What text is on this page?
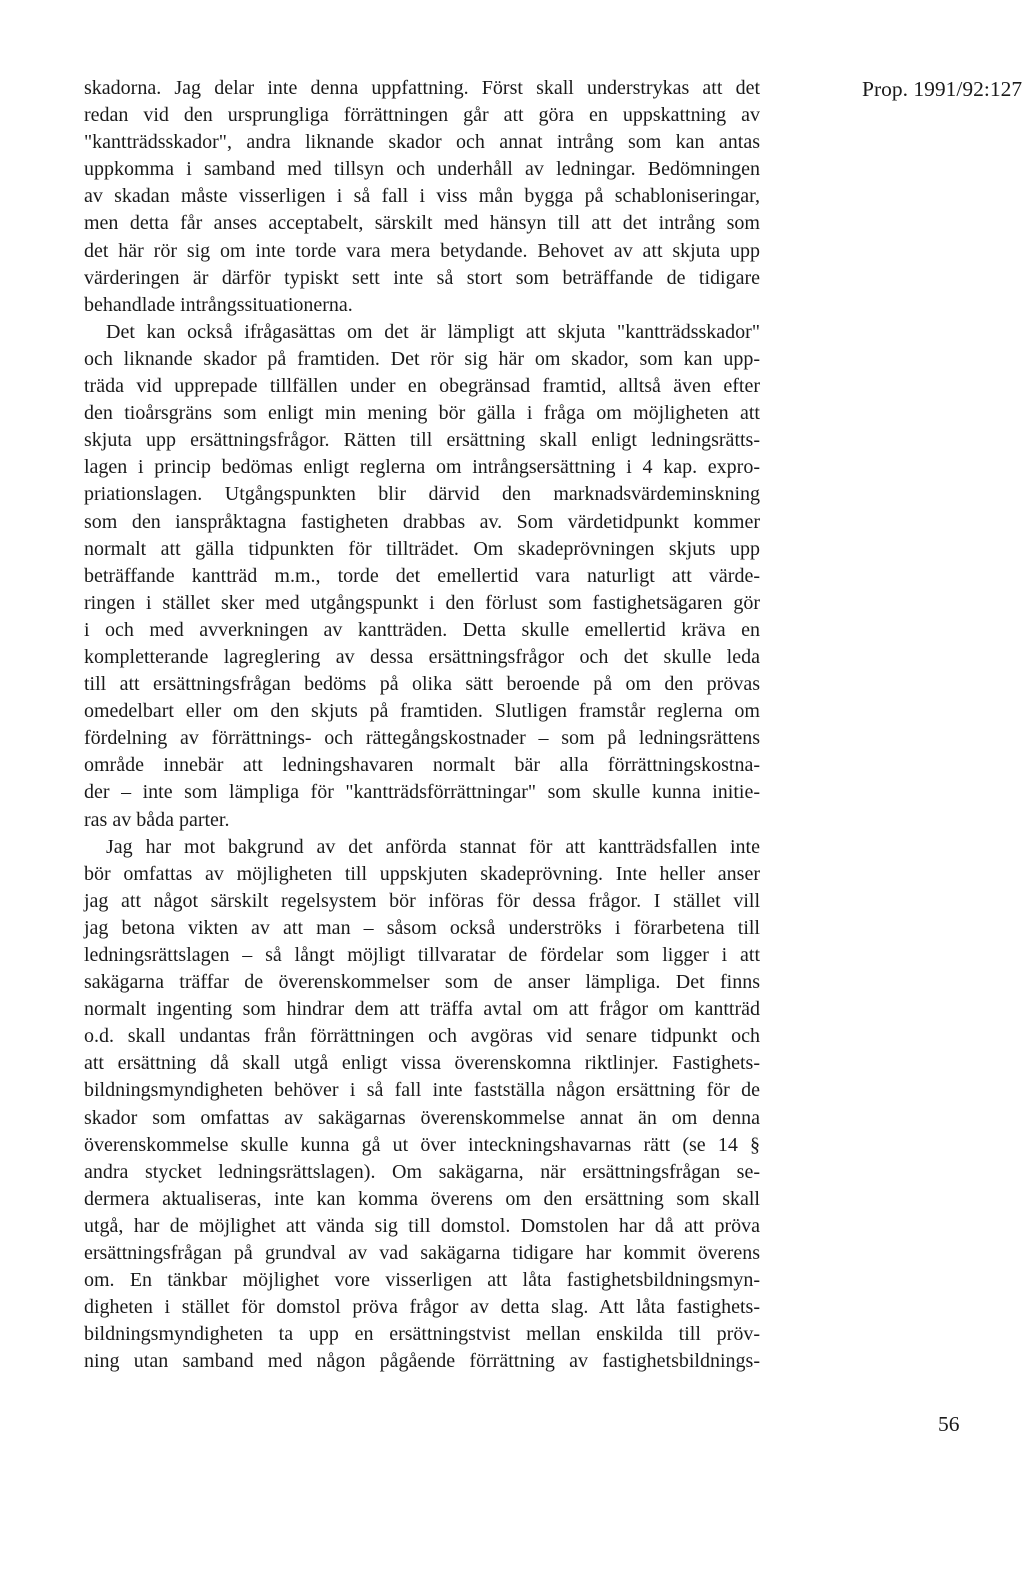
Prop. 1991/92:127
skadorna. Jag delar inte denna uppfattning. Först skall understrykas att det
redan vid den ursprungliga förrättningen går att göra en uppskattning av
"kantträdsskador", andra liknande skador och annat intrång som kan antas
uppkomma i samband med tillsyn och underhåll av ledningar. Bedömningen
av skadan måste visserligen i så fall i viss mån bygga på schabloniseringar,
men detta får anses acceptabelt, särskilt med hänsyn till att det intrång som
det här rör sig om inte torde vara mera betydande. Behovet av att skjuta upp
värderingen är därför typiskt sett inte så stort som beträffande de tidigare
behandlade intrångssituationerna.
Det kan också ifrågasättas om det är lämpligt att skjuta "kantträdsskador"
och liknande skador på framtiden. Det rör sig här om skador, som kan upp-
träda vid upprepade tillfällen under en obegränsad framtid, alltså även efter
den tioårsgräns som enligt min mening bör gälla i fråga om möjligheten att
skjuta upp ersättningsfrågor. Rätten till ersättning skall enligt ledningsrätts-
lagen i princip bedömas enligt reglerna om intrångsersättning i 4 kap. expro-
priationslagen. Utgångspunkten blir därvid den marknadsvärdeminskning
som den ianspråktagna fastigheten drabbas av. Som värdetidpunkt kommer
normalt att gälla tidpunkten för tillträdet. Om skadeprövningen skjuts upp
beträffande kantträd m.m., torde det emellertid vara naturligt att värde-
ringen i stället sker med utgångspunkt i den förlust som fastighetsägaren gör
i och med avverkningen av kantträden. Detta skulle emellertid kräva en
kompletterande lagreglering av dessa ersättningsfrågor och det skulle leda
till att ersättningsfrågan bedöms på olika sätt beroende på om den prövas
omedelbart eller om den skjuts på framtiden. Slutligen framstår reglerna om
fördelning av förrättnings- och rättegångskostnader – som på ledningsrättens
område innebär att ledningshavaren normalt bär alla förrättningskostna-
der – inte som lämpliga för "kantträdsförrättningar" som skulle kunna initie-
ras av båda parter.
Jag har mot bakgrund av det anförda stannat för att kantträdsfallen inte
bör omfattas av möjligheten till uppskjuten skadeprövning. Inte heller anser
jag att något särskilt regelsystem bör införas för dessa frågor. I stället vill
jag betona vikten av att man – såsom också underströks i förarbetena till
ledningsrättslagen – så långt möjligt tillvaratar de fördelar som ligger i att
sakägarna träffar de överenskommelser som de anser lämpliga. Det finns
normalt ingenting som hindrar dem att träffa avtal om att frågor om kantträd
o.d. skall undantas från förrättningen och avgöras vid senare tidpunkt och
att ersättning då skall utgå enligt vissa överenskomna riktlinjer. Fastighets-
bildningsmyndigheten behöver i så fall inte fastställa någon ersättning för de
skador som omfattas av sakägarnas överenskommelse annat än om denna
överenskommelse skulle kunna gå ut över inteckningshavarnas rätt (se 14 §
andra stycket ledningsrättslagen). Om sakägarna, när ersättningsfrågan se-
dermera aktualiseras, inte kan komma överens om den ersättning som skall
utgå, har de möjlighet att vända sig till domstol. Domstolen har då att pröva
ersättningsfrågan på grundval av vad sakägarna tidigare har kommit överens
om. En tänkbar möjlighet vore visserligen att låta fastighetsbildningsmyn-
digheten i stället för domstol pröva frågor av detta slag. Att låta fastighets-
bildningsmyndigheten ta upp en ersättningstvist mellan enskilda till pröv-
ning utan samband med någon pågående förrättning av fastighetsbildnings-
56
